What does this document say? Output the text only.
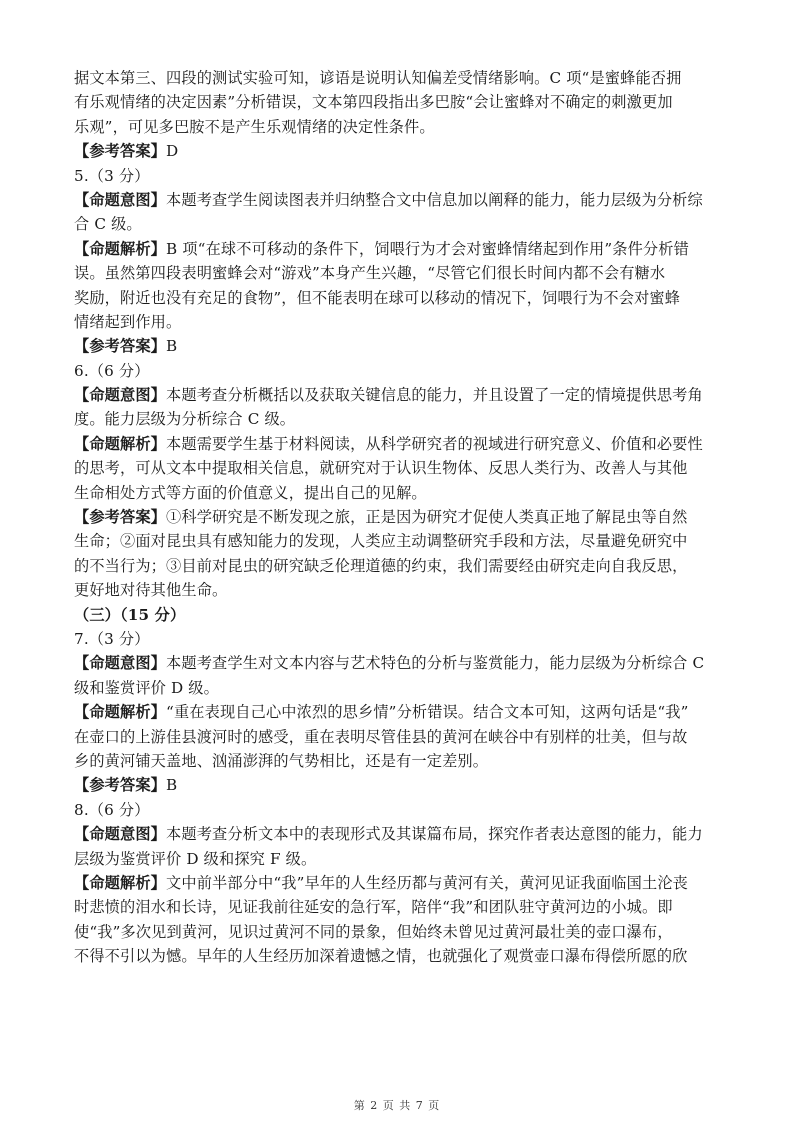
据文本第三、四段的测试实验可知，谚语是说明认知偏差受情绪影响。C 项“是蜜蜂能否拥
有乐观情绪的决定因素”分析错误，文本第四段指出多巴胺“会让蜜蜂对不确定的刺激更加
乐观”，可见多巴胺不是产生乐观情绪的决定性条件。
【参考答案】D
5.（3 分）
【命题意图】本题考查学生阅读图表并归纳整合文中信息加以阐释的能力，能力层级为分析综
合 C 级。
【命题解析】B 项“在球不可移动的条件下，饲喂行为才会对蜜蜂情绪起到作用”条件分析错
误。虽然第四段表明蜜蜂会对“游戏”本身产生兴趣，“尽管它们很长时间内都不会有糖水
奖励，附近也没有充足的食物”，但不能表明在球可以移动的情况下，饲喂行为不会对蜜蜂
情绪起到作用。
【参考答案】B
6.（6 分）
【命题意图】本题考查分析概括以及获取关键信息的能力，并且设置了一定的情境提供思考角
度。能力层级为分析综合 C 级。
【命题解析】本题需要学生基于材料阅读，从科学研究者的视域进行研究意义、价值和必要性
的思考，可从文本中提取相关信息，就研究对于认识生物体、反思人类行为、改善人与其他
生命相处方式等方面的价值意义，提出自己的见解。
【参考答案】①科学研究是不断发现之旅，正是因为研究才促使人类真正地了解昆虫等自然
生命；②面对昆虫具有感知能力的发现，人类应主动调整研究手段和方法，尽量避免研究中
的不当行为；③目前对昆虫的研究缺乏伦理道德的约束，我们需要经由研究走向自我反思，
更好地对待其他生命。
（三）（15 分）
7.（3 分）
【命题意图】本题考查学生对文本内容与艺术特色的分析与鉴赏能力，能力层级为分析综合 C
级和鉴赏评价 D 级。
【命题解析】“重在表现自己心中浓烈的思乡情”分析错误。结合文本可知，这两句话是“我”
在壶口的上游佳县渡河时的感受，重在表明尽管佳县的黄河在峡谷中有别样的壮美，但与故
乡的黄河铺天盖地、汹涌澎湃的气势相比，还是有一定差别。
【参考答案】B
8.（6 分）
【命题意图】本题考查分析文本中的表现形式及其谋篇布局，探究作者表达意图的能力，能力
层级为鉴赏评价 D 级和探究 F 级。
【命题解析】文中前半部分中“我”早年的人生经历都与黄河有关，黄河见证我面临国土沦丧
时悲愤的泪水和长诗，见证我前往延安的急行军，陪伴“我”和团队驻守黄河边的小城。即
使“我”多次见到黄河，见识过黄河不同的景象，但始终未曾见过黄河最壮美的壶口瀑布，
不得不引以为憾。早年的人生经历加深着遗憾之情，也就强化了观赏壶口瀑布得偿所愿的欣
第 2 页 共 7 页
